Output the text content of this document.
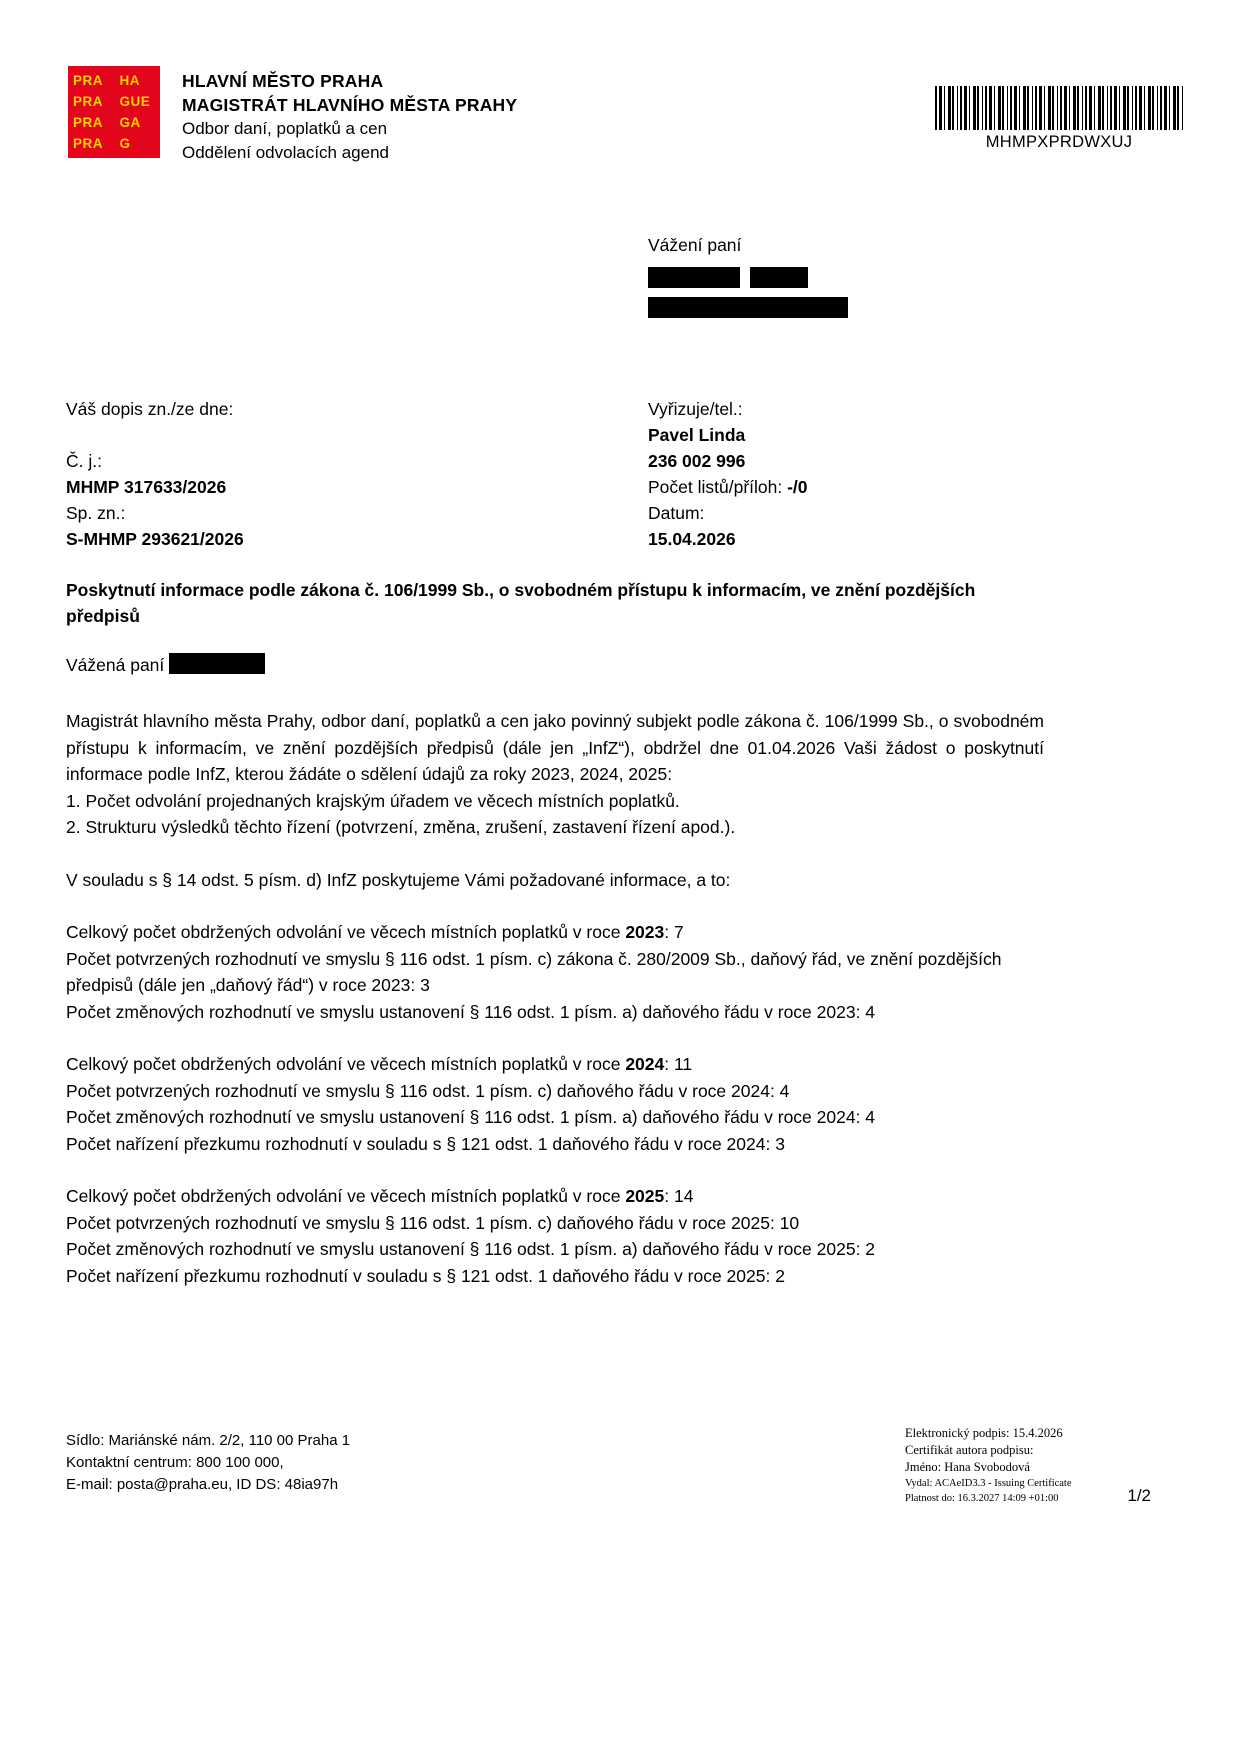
PRA	HA
PRA	GUE
PRA	GA
PRA	G
HLAVNÍ MĚSTO PRAHA
MAGISTRÁT HLAVNÍHO MĚSTA PRAHY
Odbor daní, poplatků a cen
Oddělení odvolacích agend
MHMPXPRDWXUJ
Vážení paní
Váš dopis zn./ze dne:
Č. j.:
MHMP 317633/2026
Sp. zn.:
S-MHMP 293621/2026
Vyřizuje/tel.:
Pavel Linda
236 002 996
Počet listů/příloh: -/0
Datum:
15.04.2026
Poskytnutí informace podle zákona č. 106/1999 Sb., o svobodném přístupu k informacím, ve znění pozdějších předpisů
Vážená paní

Magistrát hlavního města Prahy, odbor daní, poplatků a cen jako povinný subjekt podle zákona č. 106/1999 Sb., o svobodném přístupu k informacím, ve znění pozdějších předpisů (dále jen „InfZ“), obdržel dne 01.04.2026 Vaši žádost o poskytnutí informace podle InfZ, kterou žádáte o sdělení údajů za roky 2023, 2024, 2025:

1. Počet odvolání projednaných krajským úřadem ve věcech místních poplatků.

2. Strukturu výsledků těchto řízení (potvrzení, změna, zrušení, zastavení řízení apod.).

V souladu s § 14 odst. 5 písm. d) InfZ poskytujeme Vámi požadované informace, a to:

Celkový počet obdržených odvolání ve věcech místních poplatků v roce 2023: 7

Počet potvrzených rozhodnutí ve smyslu § 116 odst. 1 písm. c) zákona č. 280/2009 Sb., daňový řád, ve znění pozdějších předpisů (dále jen „daňový řád“) v roce 2023: 3

Počet změnových rozhodnutí ve smyslu ustanovení § 116 odst. 1 písm. a) daňového řádu v roce 2023: 4

Celkový počet obdržených odvolání ve věcech místních poplatků v roce 2024: 11

Počet potvrzených rozhodnutí ve smyslu § 116 odst. 1 písm. c) daňového řádu v roce 2024: 4

Počet změnových rozhodnutí ve smyslu ustanovení § 116 odst. 1 písm. a) daňového řádu v roce 2024: 4

Počet nařízení přezkumu rozhodnutí v souladu s § 121 odst. 1 daňového řádu v roce 2024: 3

Celkový počet obdržených odvolání ve věcech místních poplatků v roce 2025: 14

Počet potvrzených rozhodnutí ve smyslu § 116 odst. 1 písm. c) daňového řádu v roce 2025: 10

Počet změnových rozhodnutí ve smyslu ustanovení § 116 odst. 1 písm. a) daňového řádu v roce 2025: 2

Počet nařízení přezkumu rozhodnutí v souladu s § 121 odst. 1 daňového řádu v roce 2025: 2

Sídlo: Mariánské nám. 2/2, 110 00 Praha 1
Kontaktní centrum: 800 100 000,
E-mail: posta@praha.eu, ID DS: 48ia97h
Elektronický podpis: 15.4.2026
Certifikát autora podpisu:
Jméno: Hana Svobodová
Vydal: ACAeID3.3 - Issuing Certificate
Platnost do: 16.3.2027 14:09 +01:00	1/2
